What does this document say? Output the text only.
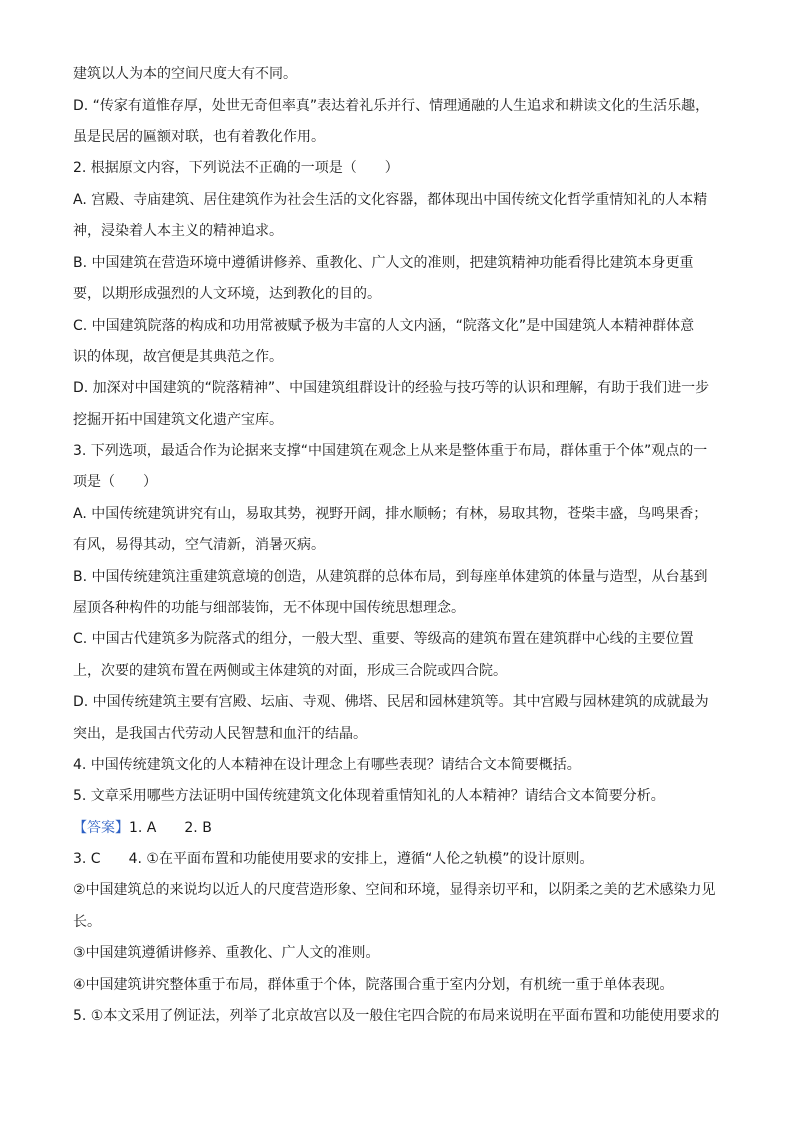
建筑以人为本的空间尺度大有不同。
D. “传家有道惟存厚，处世无奇但率真”表达着礼乐并行、情理通融的人生追求和耕读文化的生活乐趣，
虽是民居的匾额对联，也有着教化作用。
2. 根据原文内容，下列说法不正确的一项是（　　）
A. 宫殿、寺庙建筑、居住建筑作为社会生活的文化容器，都体现出中国传统文化哲学重情知礼的人本精
神，浸染着人本主义的精神追求。
B. 中国建筑在营造环境中遵循讲修养、重教化、广人文的准则，把建筑精神功能看得比建筑本身更重
要，以期形成强烈的人文环境，达到教化的目的。
C. 中国建筑院落的构成和功用常被赋予极为丰富的人文内涵，“院落文化”是中国建筑人本精神群体意
识的体现，故宫便是其典范之作。
D. 加深对中国建筑的“院落精神”、中国建筑组群设计的经验与技巧等的认识和理解，有助于我们进一步
挖掘开拓中国建筑文化遗产宝库。
3. 下列选项，最适合作为论据来支撑“中国建筑在观念上从来是整体重于布局，群体重于个体”观点的一
项是（　　）
A. 中国传统建筑讲究有山，易取其势，视野开阔，排水顺畅；有林，易取其物，苍柴丰盛，鸟鸣果香；
有风，易得其动，空气清新，消暑灭病。
B. 中国传统建筑注重建筑意境的创造，从建筑群的总体布局，到每座单体建筑的体量与造型，从台基到
屋顶各种构件的功能与细部装饰，无不体现中国传统思想理念。
C. 中国古代建筑多为院落式的组分，一般大型、重要、等级高的建筑布置在建筑群中心线的主要位置
上，次要的建筑布置在两侧或主体建筑的对面，形成三合院或四合院。
D. 中国传统建筑主要有宫殿、坛庙、寺观、佛塔、民居和园林建筑等。其中宫殿与园林建筑的成就最为
突出，是我国古代劳动人民智慧和血汗的结晶。
4. 中国传统建筑文化的人本精神在设计理念上有哪些表现？请结合文本简要概括。
5. 文章采用哪些方法证明中国传统建筑文化体现着重情知礼的人本精神？请结合文本简要分析。
【答案】1. A　　2. B
3. C　　4. ①在平面布置和功能使用要求的安排上，遵循“人伦之轨模”的设计原则。
②中国建筑总的来说均以近人的尺度营造形象、空间和环境，显得亲切平和，以阴柔之美的艺术感染力见
长。
③中国建筑遵循讲修养、重教化、广人文的准则。
④中国建筑讲究整体重于布局，群体重于个体，院落围合重于室内分划，有机统一重于单体表现。
5. ①本文采用了例证法，列举了北京故宫以及一般住宅四合院的布局来说明在平面布置和功能使用要求的
